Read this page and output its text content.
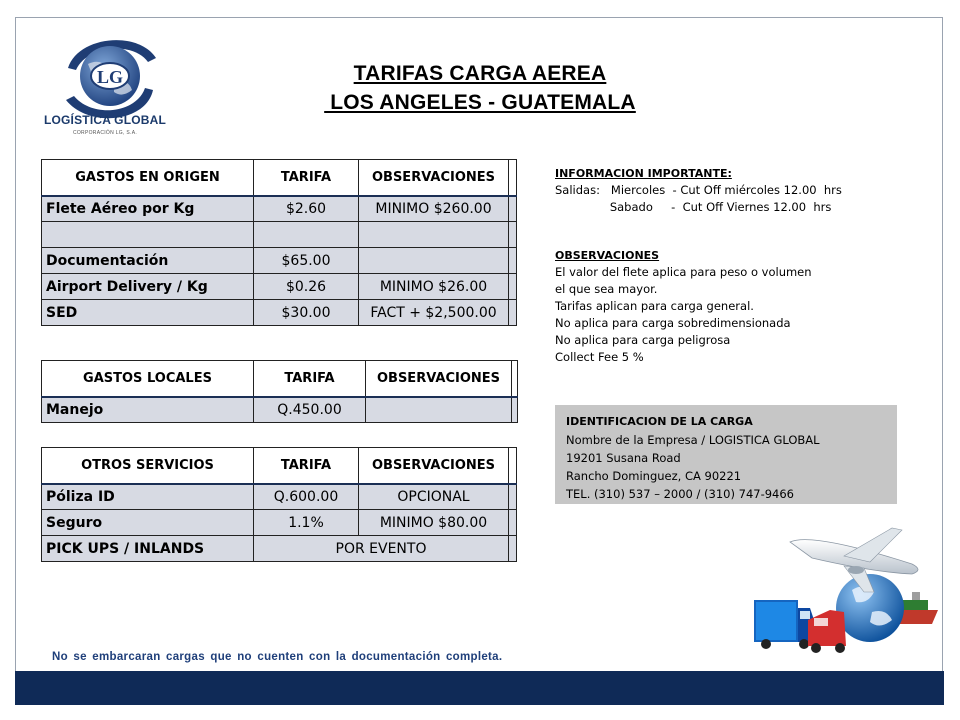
LG
LOGÍSTICA GLOBAL
CORPORACIÓN LG, S.A.
TARIFAS CARGA AEREA
LOS ANGELES - GUATEMALA
GASTOS EN ORIGEN	TARIFA	OBSERVACIONES	
Flete Aéreo por Kg	$2.60	MINIMO $260.00	

Documentación	$65.00		
Airport Delivery / Kg	$0.26	MINIMO $26.00	
SED	$30.00	FACT + $2,500.00	
GASTOS LOCALES	TARIFA	OBSERVACIONES	
Manejo	Q.450.00		
OTROS SERVICIOS	TARIFA	OBSERVACIONES	
Póliza ID	Q.600.00	OPCIONAL	
Seguro	1.1%	MINIMO $80.00	
PICK UPS / INLANDS	POR EVENTO		
INFORMACION IMPORTANTE:
Salidas:   Miercoles  - Cut Off miércoles 12.00  hrs
Sabado     -  Cut Off Viernes 12.00  hrs
OBSERVACIONES
El valor del flete aplica para peso o volumen
el que sea mayor.
Tarifas aplican para carga general.
No aplica para carga sobredimensionada
No aplica para carga peligrosa
Collect Fee 5 %
IDENTIFICACION DE LA CARGA
Nombre de la Empresa / LOGISTICA GLOBAL
19201 Susana Road
Rancho Dominguez, CA 90221
TEL. (310) 537 – 2000 / (310) 747-9466
No se embarcaran cargas que no cuenten con la documentación completa.
